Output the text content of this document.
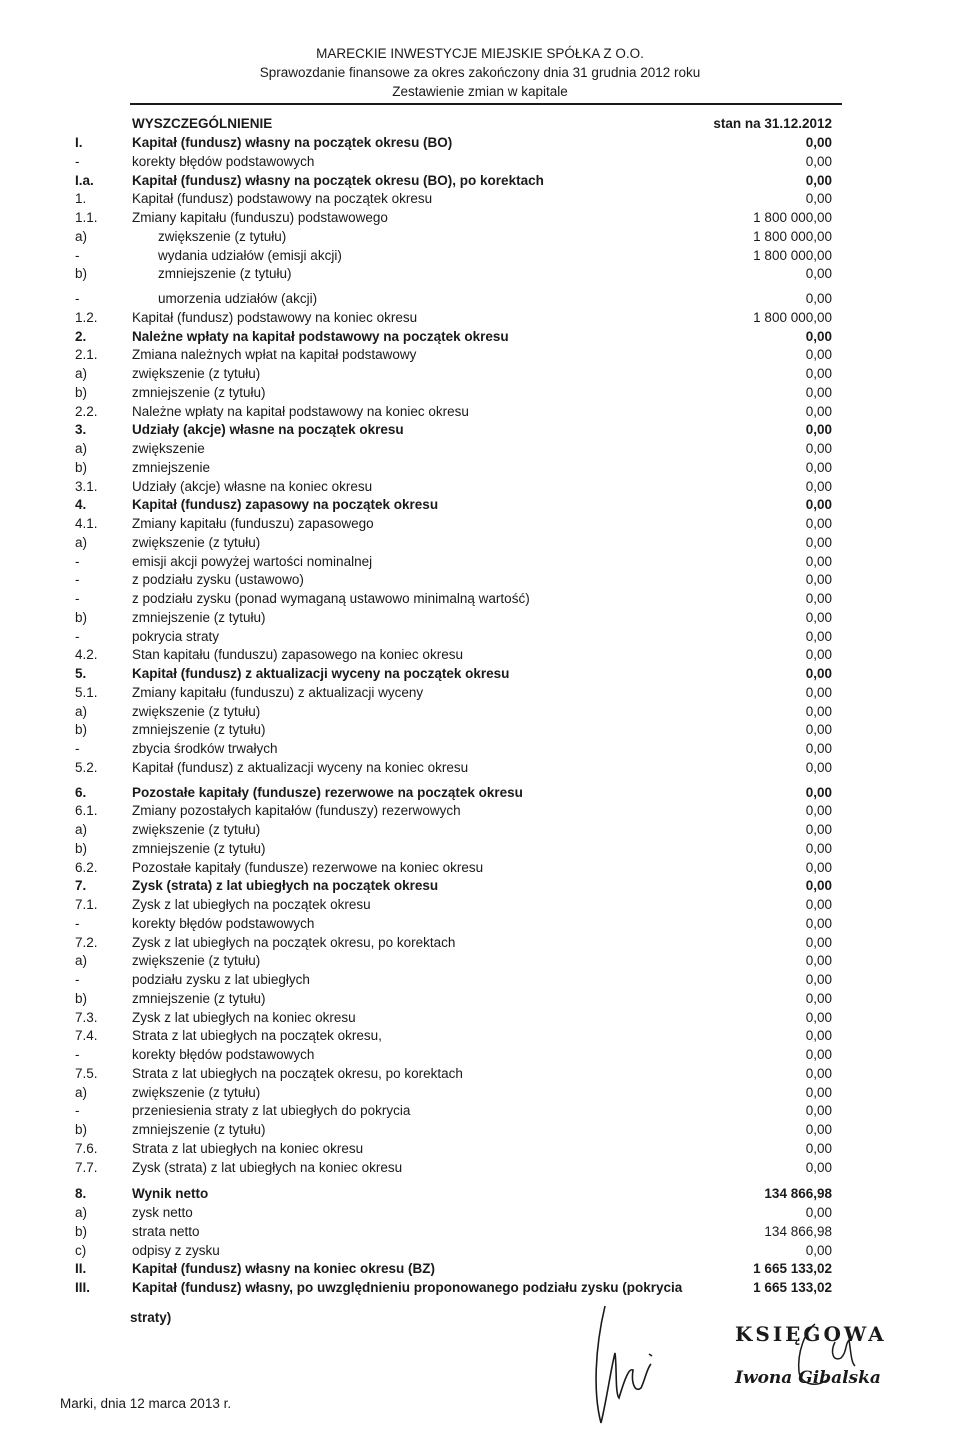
MARECKIE INWESTYCJE MIEJSKIE SPÓŁKA Z O.O.
Sprawozdanie finansowe za okres zakończony dnia 31 grudnia 2012 roku
Zestawienie zmian w kapitale
WYSZCZEGÓLNIENIE	stan na 31.12.2012
I.	Kapitał (fundusz) własny na początek okresu (BO)	0,00
-	korekty błędów podstawowych	0,00
I.a.	Kapitał (fundusz) własny na początek okresu (BO), po korektach	0,00
1.	Kapitał (fundusz) podstawowy na początek okresu	0,00
1.1.	Zmiany kapitału (funduszu) podstawowego	1 800 000,00
a)	zwiększenie (z tytułu)	1 800 000,00
-	wydania udziałów (emisji akcji)	1 800 000,00
b)	zmniejszenie (z tytułu)	0,00
-	umorzenia udziałów (akcji)	0,00
1.2.	Kapitał (fundusz) podstawowy na koniec okresu	1 800 000,00
2.	Należne wpłaty na kapitał podstawowy na początek okresu	0,00
2.1.	Zmiana należnych wpłat na kapitał podstawowy	0,00
a)	zwiększenie (z tytułu)	0,00
b)	zmniejszenie (z tytułu)	0,00
2.2.	Należne wpłaty na kapitał podstawowy na koniec okresu	0,00
3.	Udziały (akcje) własne na początek okresu	0,00
a)	zwiększenie	0,00
b)	zmniejszenie	0,00
3.1.	Udziały (akcje) własne na koniec okresu	0,00
4.	Kapitał (fundusz) zapasowy na początek okresu	0,00
4.1.	Zmiany kapitału (funduszu) zapasowego	0,00
a)	zwiększenie (z tytułu)	0,00
-	emisji akcji powyżej wartości nominalnej	0,00
-	z podziału zysku (ustawowo)	0,00
-	z podziału zysku (ponad wymaganą ustawowo minimalną wartość)	0,00
b)	zmniejszenie (z tytułu)	0,00
-	pokrycia straty	0,00
4.2.	Stan kapitału (funduszu) zapasowego na koniec okresu	0,00
5.	Kapitał (fundusz) z aktualizacji wyceny na początek okresu	0,00
5.1.	Zmiany kapitału (funduszu) z aktualizacji wyceny	0,00
a)	zwiększenie (z tytułu)	0,00
b)	zmniejszenie (z tytułu)	0,00
-	zbycia środków trwałych	0,00
5.2.	Kapitał (fundusz) z aktualizacji wyceny na koniec okresu	0,00
6.	Pozostałe kapitały (fundusze) rezerwowe na początek okresu	0,00
6.1.	Zmiany pozostałych kapitałów (funduszy) rezerwowych	0,00
a)	zwiększenie (z tytułu)	0,00
b)	zmniejszenie (z tytułu)	0,00
6.2.	Pozostałe kapitały (fundusze) rezerwowe na koniec okresu	0,00
7.	Zysk (strata) z lat ubiegłych na początek okresu	0,00
7.1.	Zysk z lat ubiegłych na początek okresu	0,00
-	korekty błędów podstawowych	0,00
7.2.	Zysk z lat ubiegłych na początek okresu, po korektach	0,00
a)	zwiększenie (z tytułu)	0,00
-	podziału zysku z lat ubiegłych	0,00
b)	zmniejszenie (z tytułu)	0,00
7.3.	Zysk z lat ubiegłych na koniec okresu	0,00
7.4.	Strata z lat ubiegłych na początek okresu,	0,00
-	korekty błędów podstawowych	0,00
7.5.	Strata z lat ubiegłych na początek okresu, po korektach	0,00
a)	zwiększenie (z tytułu)	0,00
-	przeniesienia straty z lat ubiegłych do pokrycia	0,00
b)	zmniejszenie (z tytułu)	0,00
7.6.	Strata z lat ubiegłych na koniec okresu	0,00
7.7.	Zysk (strata) z lat ubiegłych na koniec okresu	0,00
8.	Wynik netto	134 866,98
a)	zysk netto	0,00
b)	strata netto	134 866,98
c)	odpisy z zysku	0,00
II.	Kapitał (fundusz) własny na koniec okresu (BZ)	1 665 133,02
III.	Kapitał (fundusz) własny, po uwzględnieniu proponowanego podziału zysku (pokrycia	1 665 133,02
straty)
Marki, dnia 12 marca 2013 r.
KSIĘGOWA
Iwona Gibalska
